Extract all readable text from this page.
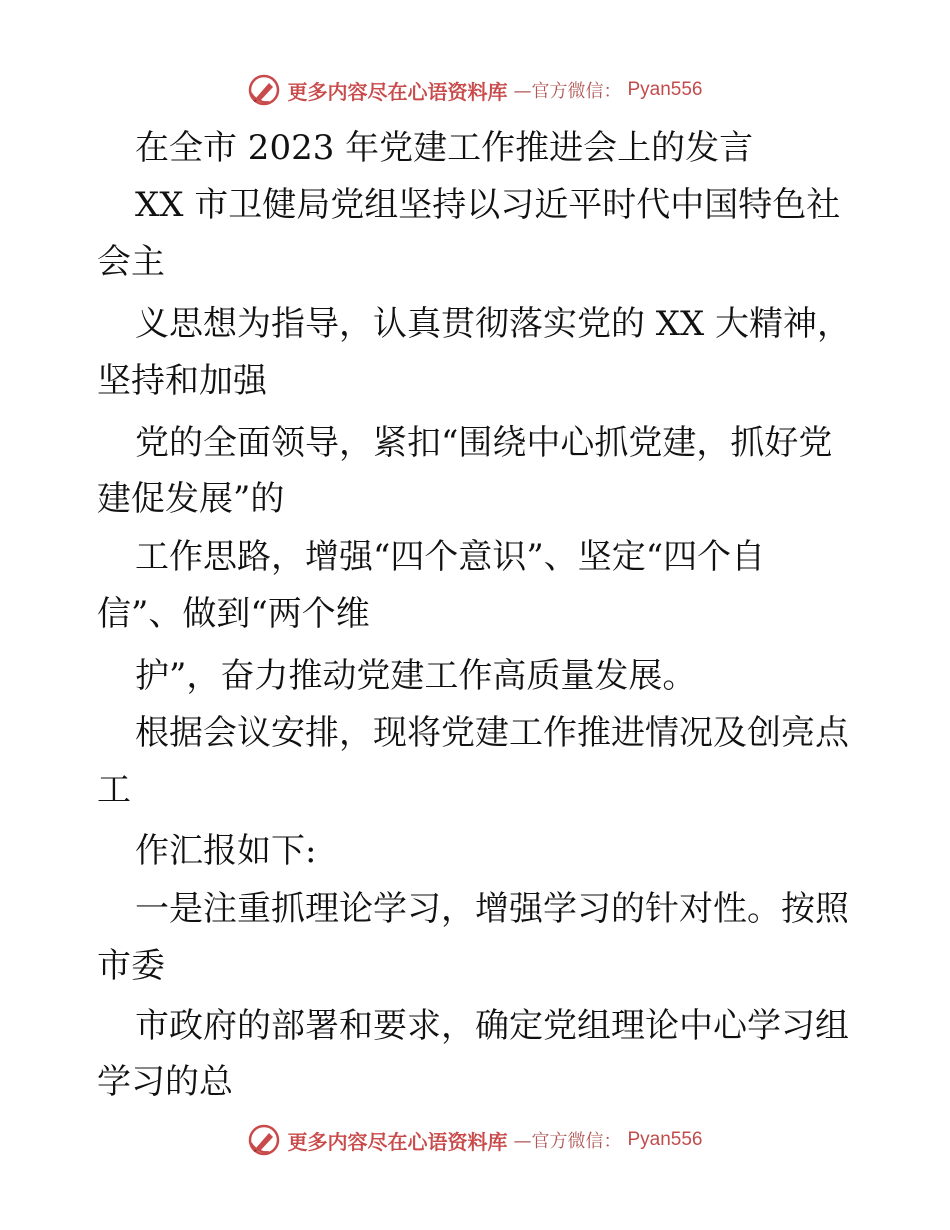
更多内容尽在心语资料库 —官方微信： Pyan556
在全市 2023 年党建工作推进会上的发言
XX 市卫健局党组坚持以习近平时代中国特色社
会主
义思想为指导，认真贯彻落实党的 XX 大精神，
坚持和加强
党的全面领导，紧扣“围绕中心抓党建，抓好党
建促发展”的
工作思路，增强“四个意识”、坚定“四个自
信”、做到“两个维
护”，奋力推动党建工作高质量发展。
根据会议安排，现将党建工作推进情况及创亮点
工
作汇报如下:
一是注重抓理论学习，增强学习的针对性。按照
市委
市政府的部署和要求，确定党组理论中心学习组
学习的总
更多内容尽在心语资料库 —官方微信： Pyan556
